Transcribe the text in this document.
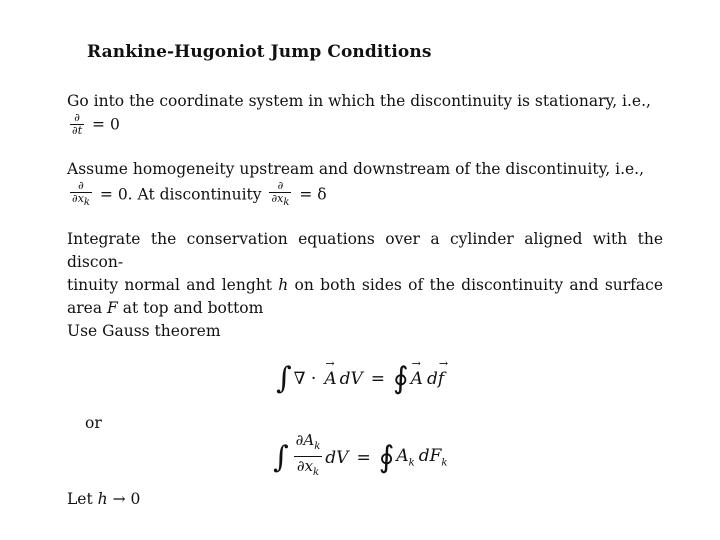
Rankine-Hugoniot Jump Conditions

Go into the coordinate system in which the discontinuity is stationary, i.e.,

$\frac{\partial}{\partial t} = 0$

Assume homogeneity upstream and downstream of the discontinuity, i.e.,

$\frac{\partial}{\partial x_k} = 0$. At discontinuity $\frac{\partial}{\partial x_k} = \delta$

Integrate the conservation equations over a cylinder aligned with the discon-

tinuity normal and lenght h on both sides of the discontinuity and surface

area F at top and bottom

Use Gauss theorem
∫ ∇ · → A dV = ∮ → A d → f
or
∫ $\frac{\partial A_k}{\partial x_k}$ dV = ∮ $A_k$ $dF_k$
Let h → 0
